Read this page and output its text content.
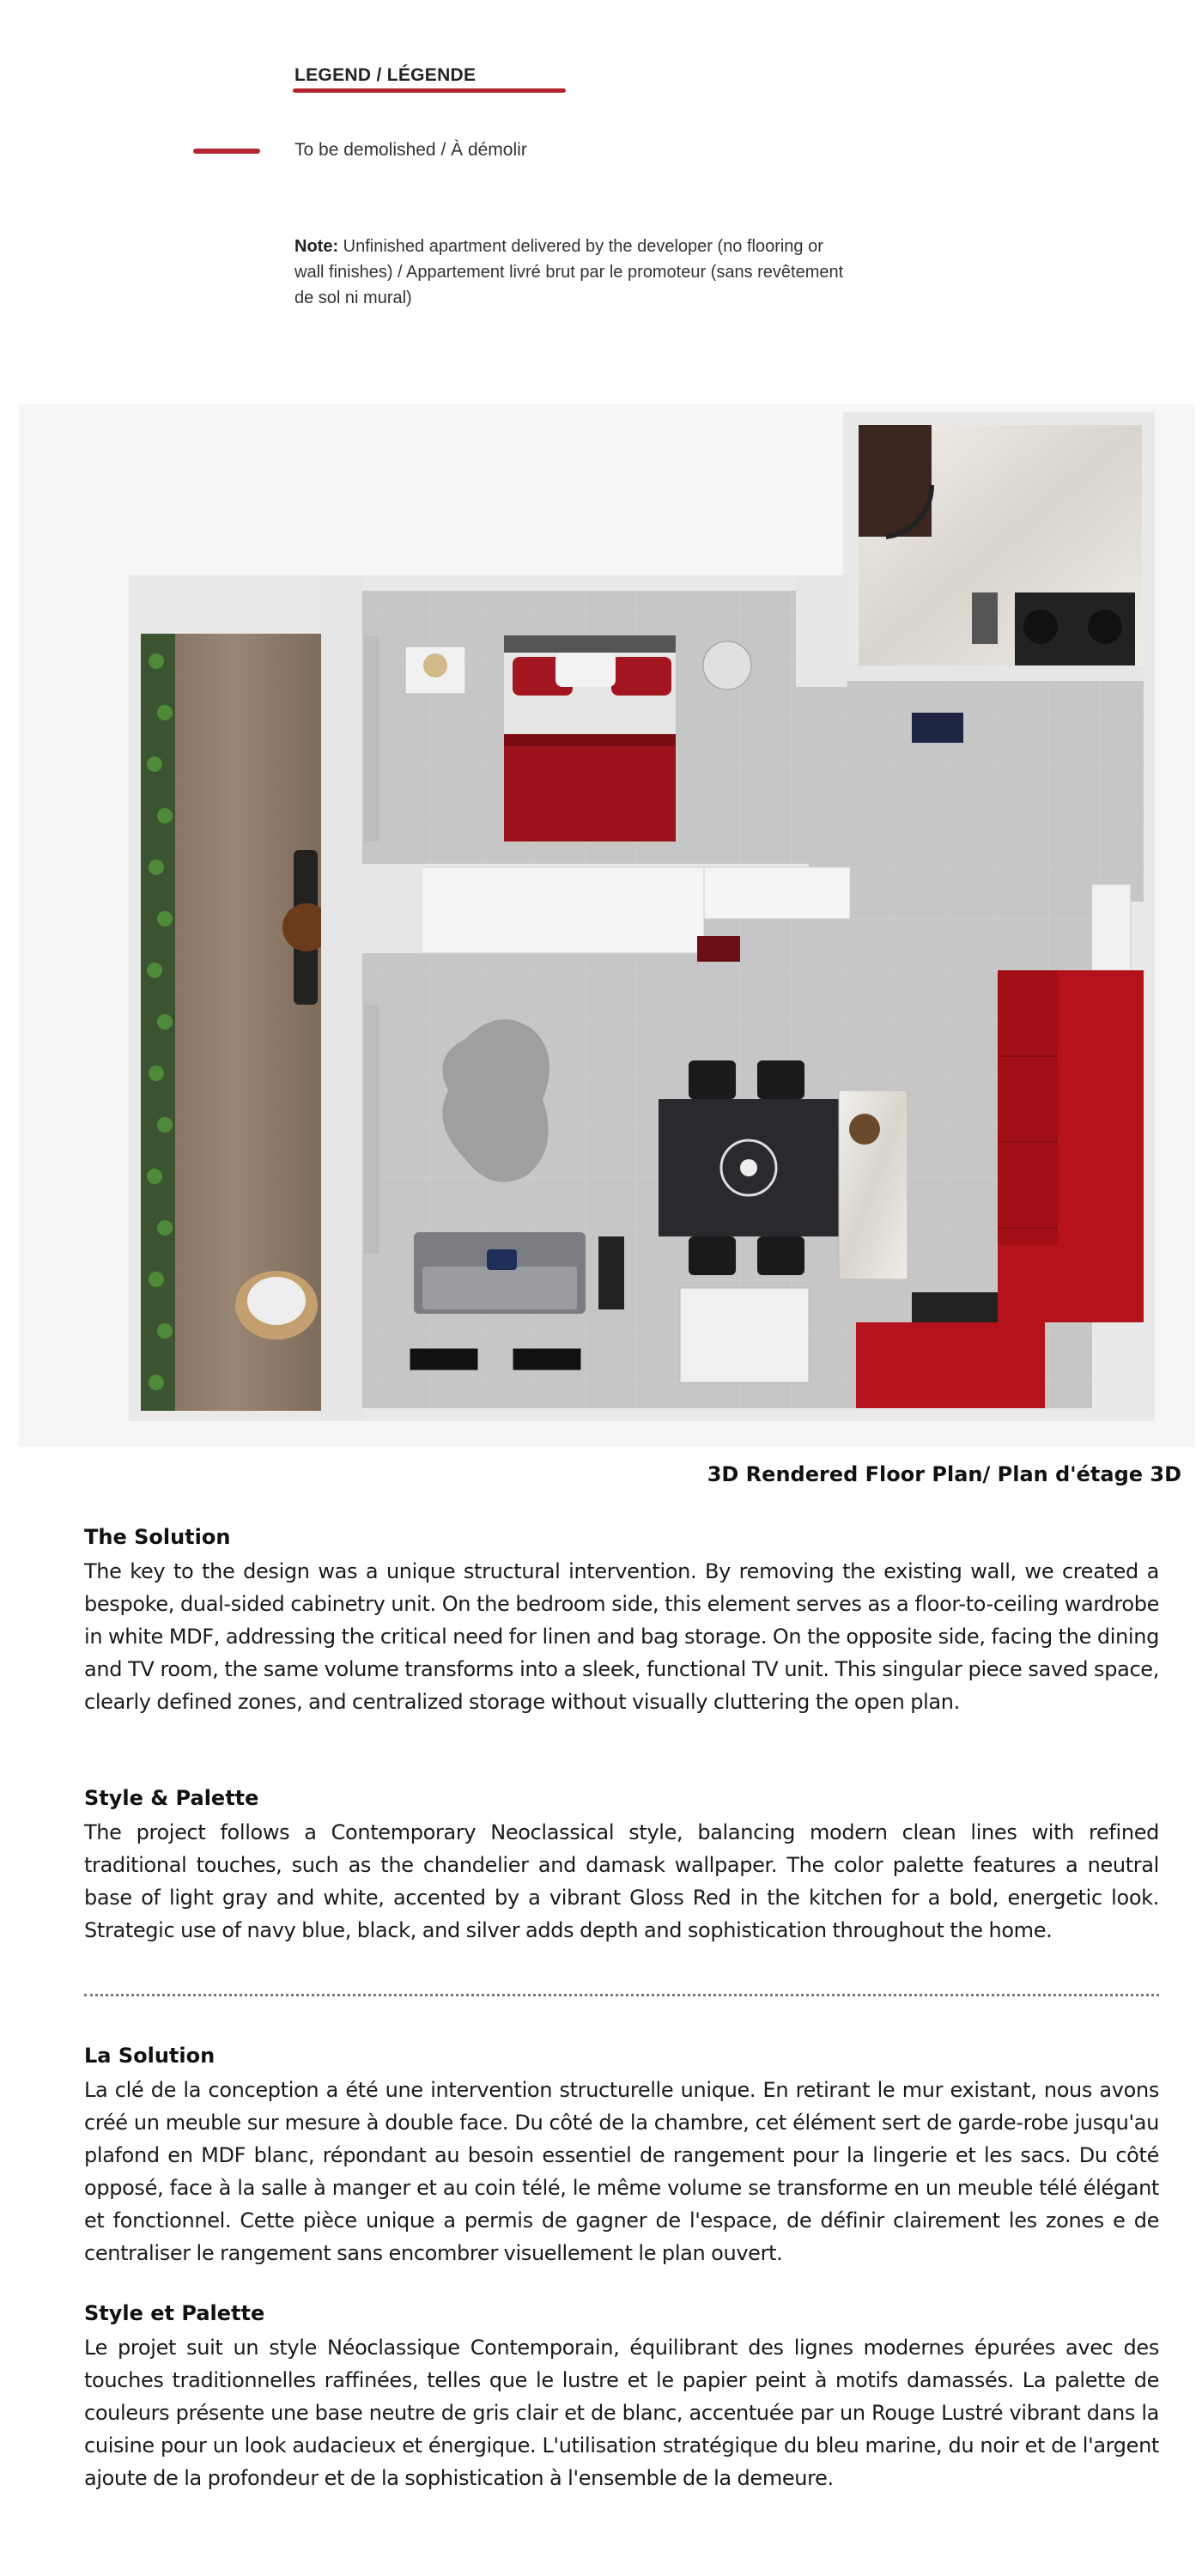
LEGEND / LÉGENDE
To be demolished / À démolir

Note: Unfinished apartment delivered by the developer (no flooring or wall finishes) / Appartement livré brut par le promoteur (sans revêtement de sol ni mural)

3D Rendered Floor Plan/ Plan d'étage 3D

The Solution

The key to the design was a unique structural intervention. By removing the existing wall, we created a bespoke, dual-sided cabinetry unit. On the bedroom side, this element serves as a floor-to-ceiling wardrobe in white MDF, addressing the critical need for linen and bag storage. On the opposite side, facing the dining and TV room, the same volume transforms into a sleek, functional TV unit. This singular piece saved space, clearly defined zones, and centralized storage without visually cluttering the open plan.

Style & Palette

The project follows a Contemporary Neoclassical style, balancing modern clean lines with refined traditional touches, such as the chandelier and damask wallpaper. The color palette features a neutral base of light gray and white, accented by a vibrant Gloss Red in the kitchen for a bold, energetic look. Strategic use of navy blue, black, and silver adds depth and sophistication throughout the home.

La Solution

La clé de la conception a été une intervention structurelle unique. En retirant le mur existant, nous avons créé un meuble sur mesure à double face. Du côté de la chambre, cet élément sert de garde-robe jusqu'au plafond en MDF blanc, répondant au besoin essentiel de rangement pour la lingerie et les sacs. Du côté opposé, face à la salle à manger et au coin télé, le même volume se transforme en un meuble télé élégant et fonctionnel. Cette pièce unique a permis de gagner de l'espace, de définir clairement les zones e de centraliser le rangement sans encombrer visuellement le plan ouvert.

Style et Palette

Le projet suit un style Néoclassique Contemporain, équilibrant des lignes modernes épurées avec des touches traditionnelles raffinées, telles que le lustre et le papier peint à motifs damassés. La palette de couleurs présente une base neutre de gris clair et de blanc, accentuée par un Rouge Lustré vibrant dans la cuisine pour un look audacieux et énergique. L'utilisation stratégique du bleu marine, du noir et de l'argent ajoute de la profondeur et de la sophistication à l'ensemble de la demeure.
